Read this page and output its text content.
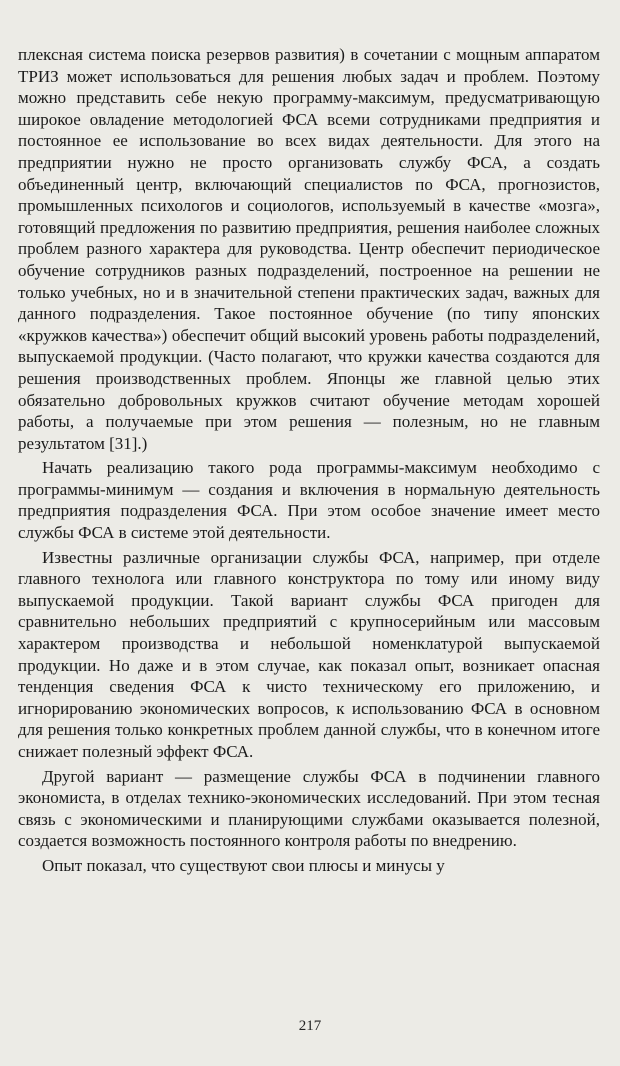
плексная система поиска резервов развития) в сочетании с мощным аппаратом ТРИЗ может использоваться для решения любых задач и проблем. Поэтому можно представить себе некую программу-максимум, предусматривающую широкое овладение методологией ФСА всеми сотрудниками предприятия и постоянное ее использование во всех видах деятельности. Для этого на предприятии нужно не просто организовать службу ФСА, а создать объединенный центр, включающий специалистов по ФСА, прогнозистов, промышленных психологов и социологов, используемый в качестве «мозга», готовящий предложения по развитию предприятия, решения наиболее сложных проблем разного характера для руководства. Центр обеспечит периодическое обучение сотрудников разных подразделений, построенное на решении не только учебных, но и в значительной степени практических задач, важных для данного подразделения. Такое постоянное обучение (по типу японских «кружков качества») обеспечит общий высокий уровень работы подразделений, выпускаемой продукции. (Часто полагают, что кружки качества создаются для решения производственных проблем. Японцы же главной целью этих обязательно добровольных кружков считают обучение методам хорошей работы, а получаемые при этом решения — полезным, но не главным результатом [31].)

Начать реализацию такого рода программы-максимум необходимо с программы-минимум — создания и включения в нормальную деятельность предприятия подразделения ФСА. При этом особое значение имеет место службы ФСА в системе этой деятельности.

Известны различные организации службы ФСА, например, при отделе главного технолога или главного конструктора по тому или иному виду выпускаемой продукции. Такой вариант службы ФСА пригоден для сравнительно небольших предприятий с крупносерийным или массовым характером производства и небольшой номенклатурой выпускаемой продукции. Но даже и в этом случае, как показал опыт, возникает опасная тенденция сведения ФСА к чисто техническому его приложению, и игнорированию экономических вопросов, к использованию ФСА в основном для решения только конкретных проблем данной службы, что в конечном итоге снижает полезный эффект ФСА.

Другой вариант — размещение службы ФСА в подчинении главного экономиста, в отделах технико-экономических исследований. При этом тесная связь с экономическими и планирующими службами оказывается полезной, создается возможность постоянного контроля работы по внедрению.

Опыт показал, что существуют свои плюсы и минусы у

217
